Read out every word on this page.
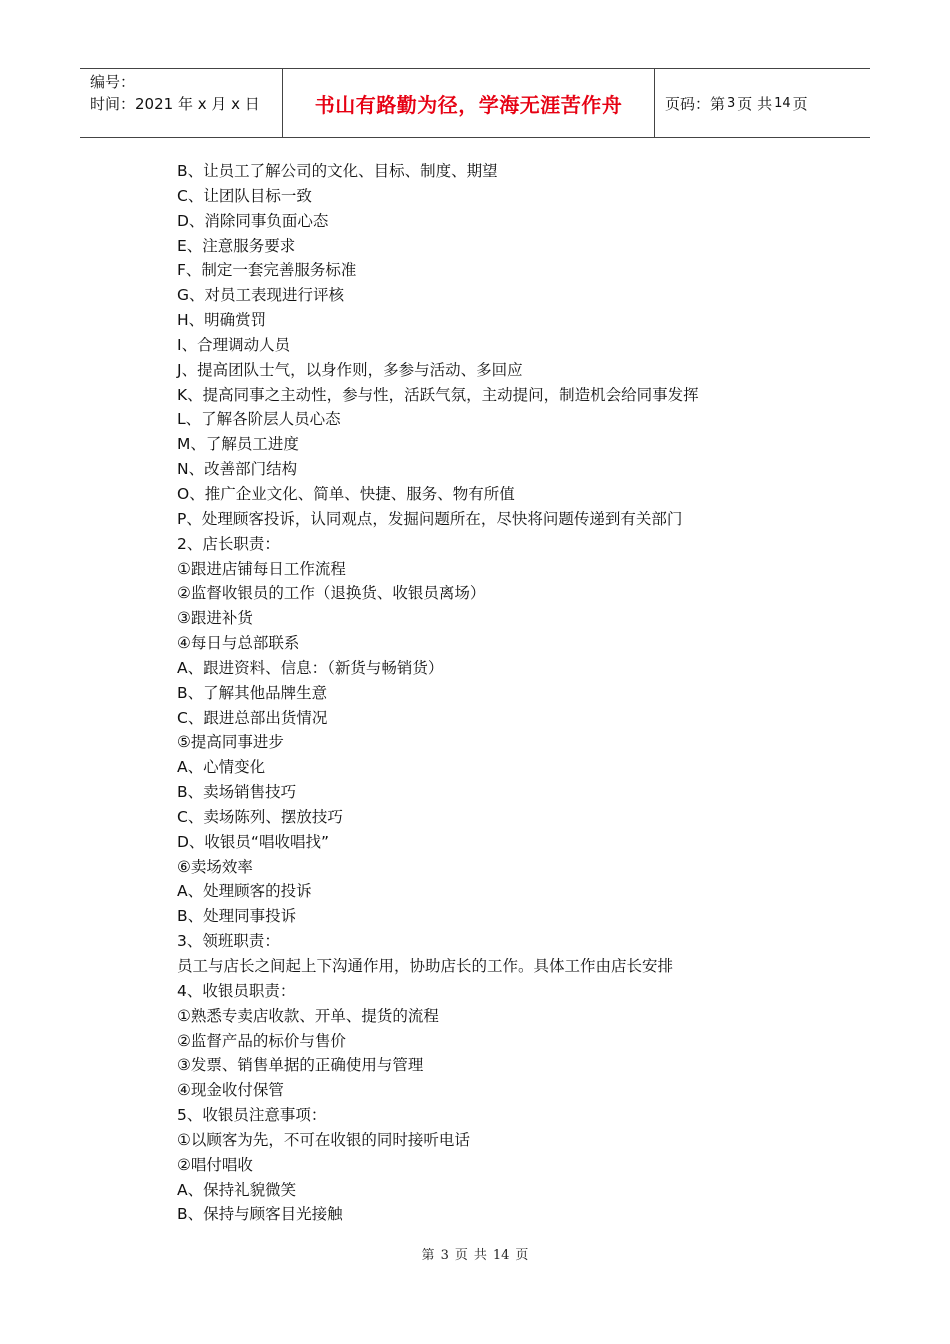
编号：
时间：2021 年 x 月 x 日	书山有路勤为径，学海无涯苦作舟	页码：第 3 页 共 14 页
B、让员工了解公司的文化、目标、制度、期望
C、让团队目标一致
D、消除同事负面心态
E、注意服务要求
F、制定一套完善服务标准
G、对员工表现进行评核
H、明确赏罚
I、合理调动人员
J、提高团队士气，以身作则，多参与活动、多回应
K、提高同事之主动性，参与性，活跃气氛，主动提问，制造机会给同事发挥
L、了解各阶层人员心态
M、了解员工进度
N、改善部门结构
O、推广企业文化、简单、快捷、服务、物有所值
P、处理顾客投诉，认同观点，发掘问题所在，尽快将问题传递到有关部门
2、店长职责：
①跟进店铺每日工作流程
②监督收银员的工作（退换货、收银员离场）
③跟进补货
④每日与总部联系
A、跟进资料、信息：（新货与畅销货）
B、了解其他品牌生意
C、跟进总部出货情况
⑤提高同事进步
A、心情变化
B、卖场销售技巧
C、卖场陈列、摆放技巧
D、收银员“唱收唱找”
⑥卖场效率
A、处理顾客的投诉
B、处理同事投诉
3、领班职责：
员工与店长之间起上下沟通作用，协助店长的工作。具体工作由店长安排
4、收银员职责：
①熟悉专卖店收款、开单、提货的流程
②监督产品的标价与售价
③发票、销售单据的正确使用与管理
④现金收付保管
5、收银员注意事项：
①以顾客为先，不可在收银的同时接听电话
②唱付唱收
A、保持礼貌微笑
B、保持与顾客目光接触
第 3 页 共 14 页
